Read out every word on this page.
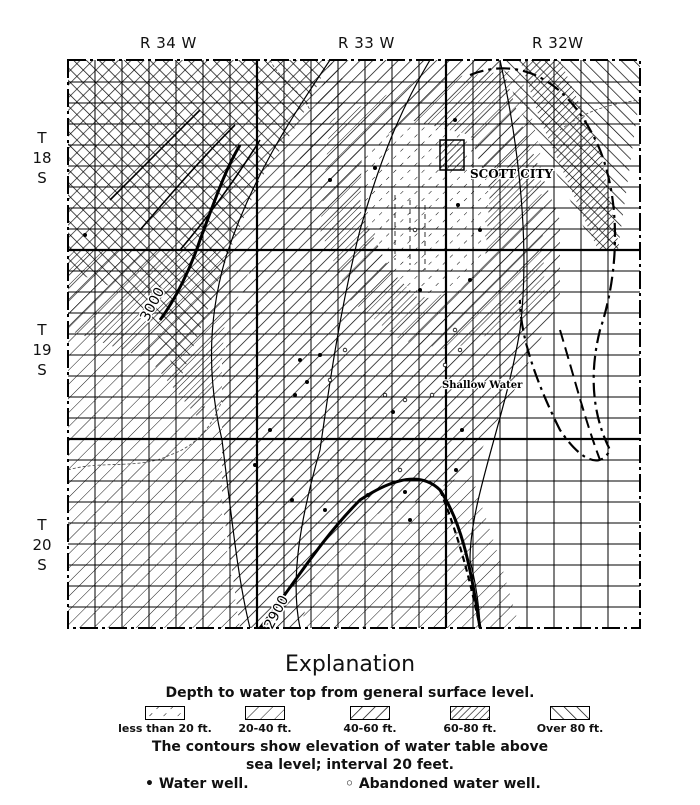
SCOTT CITY
Shallow Water
3000
2900
R 34 W	R 33 W	R 32W
T
18
S
T
19
S
T
20
S
Explanation
Depth to water top from general surface level.
less than 20 ft.	20-40 ft.	40-60 ft.	60-80 ft.	Over 80 ft.
The contours show elevation of water table above
sea level; interval 20 feet.
• Water well.	◦ Abandoned water well.
